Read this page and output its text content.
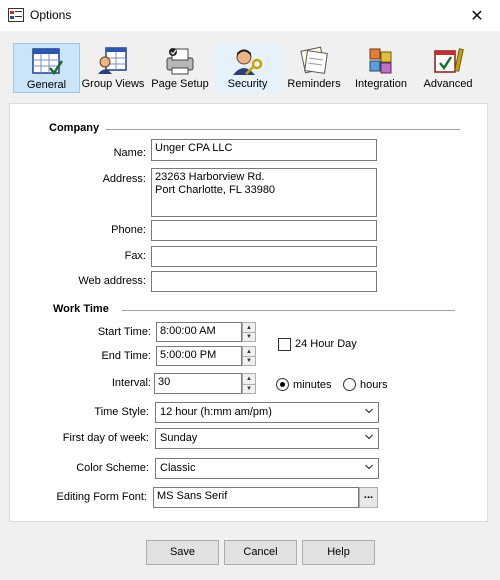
Options	✕
General	Group Views Page Setup	Security	Reminders	Integration	Advanced
Company
Name: Unger CPA LLC
Address: 23263 Harborview Rd.
Port Charlotte, FL 33980
Phone:
Fax:
Web address:
Work Time
Start Time: 8:00:00 AM	▲
▼
End Time: 5:00:00 PM	▲
▼
24 Hour Day
Interval: 30	▲
▼	minutes	hours
Time Style:	12 hour (h:mm am/pm)
First day of week:	Sunday
Color Scheme:	Classic
Editing Form Font: MS Sans Serif	...
Save	Cancel	Help
